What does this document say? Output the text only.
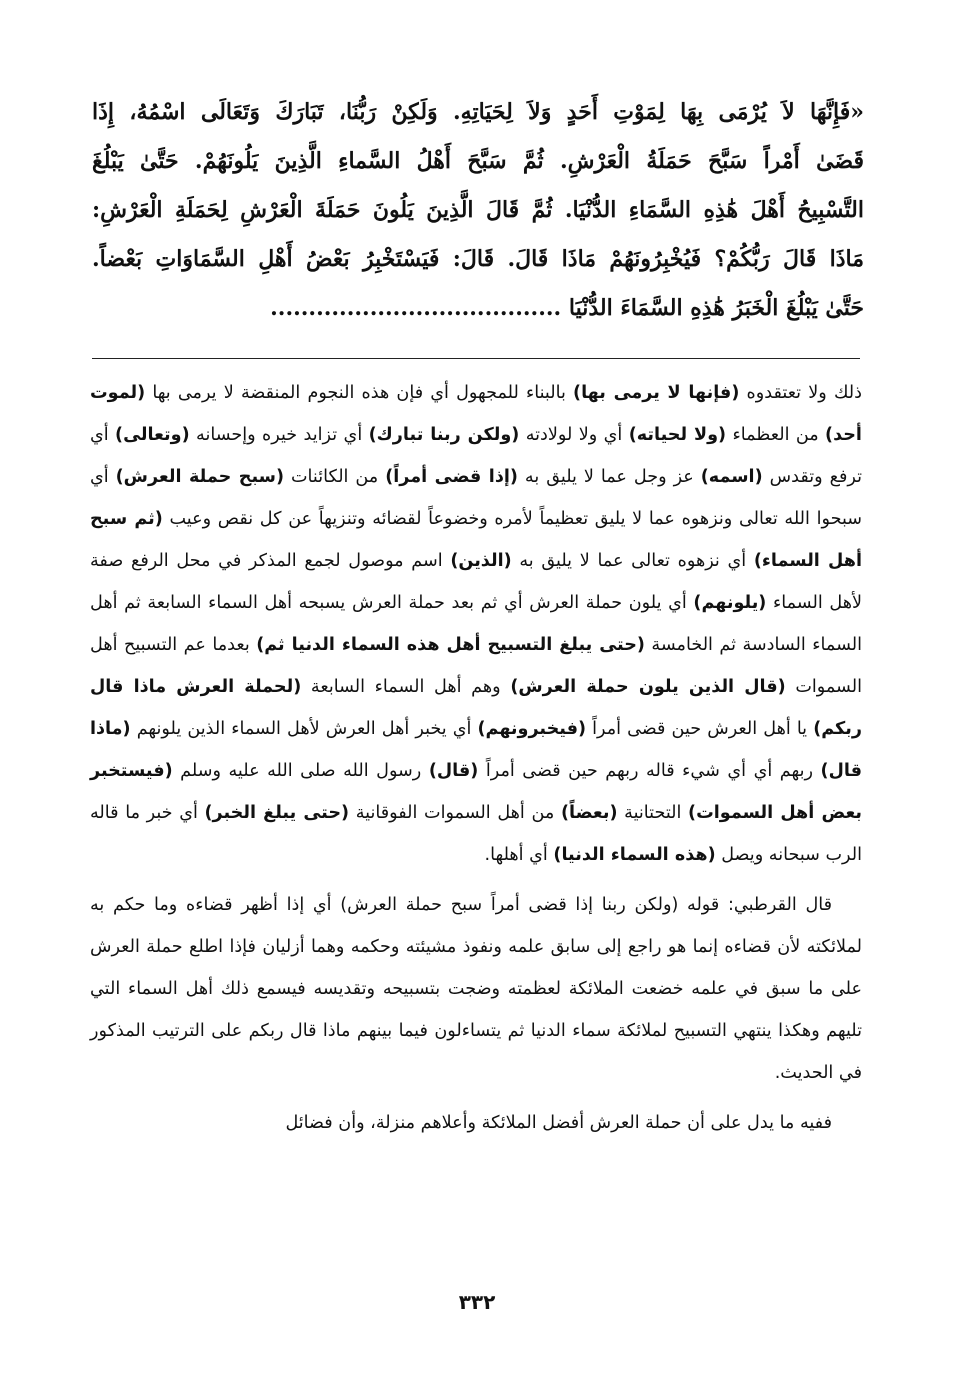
«فَإِنَّهَا لاَ يُرْمَى بِهَا لِمَوْتِ أَحَدٍ وَلاَ لِحَيَاتِهِ. وَلَكِنْ رَبُّنَا، تَبَارَكَ وَتَعَالَى اسْمُهُ، إِذَا
قَضَىٰ أَمْراً سَبَّحَ حَمَلَةُ الْعَرْشِ. ثُمَّ سَبَّحَ أَهْلُ السَّماءِ الَّذِينَ يَلُونَهُمْ. حَتَّىٰ يَبْلُغَ
التَّسْبِيحُ أَهْلَ هَٰذِهِ السَّمَاءِ الدُّنْيَا. ثُمَّ قَالَ الَّذِينَ يَلُونَ حَمَلَةَ الْعَرْشِ لِحَمَلَةِ الْعَرْشِ:
مَاذَا قَالَ رَبُّكُمْ؟ فَيُخْبِرُونَهُمْ مَاذَا قَالَ. قَالَ: فَيَسْتَخْبِرُ بَعْضُ أَهْلِ السَّمَاوَاتِ بَعْضاً.
حَتَّىٰ يَبْلُغَ الْخَبَرُ هَٰذِهِ السَّمَاءَ الدُّنْيَا ......................................

ذلك ولا تعتقدوه (فإنها لا يرمى بها) بالبناء للمجهول أي فإن هذه النجوم المنقضة لا يرمى بها (لموت أحد) من العظماء (ولا لحياته) أي ولا لولادته (ولكن ربنا تبارك) أي تزايد خيره وإحسانه (وتعالى) أي ترفع وتقدس (اسمه) عز وجل عما لا يليق به (إذا قضى أمراً) من الكائنات (سبح حملة العرش) أي سبحوا الله تعالى ونزهوه عما لا يليق تعظيماً لأمره وخضوعاً لقضائه وتنزيهاً عن كل نقص وعيب (ثم سبح أهل السماء) أي نزهوه تعالى عما لا يليق به (الذين) اسم موصول لجمع المذكر في محل الرفع صفة لأهل السماء (يلونهم) أي يلون حملة العرش أي ثم بعد حملة العرش يسبحه أهل السماء السابعة ثم أهل السماء السادسة ثم الخامسة (حتى يبلغ التسبيح أهل هذه السماء الدنيا ثم) بعدما عم التسبيح أهل السموات (قال الذين يلون حملة العرش) وهم أهل السماء السابعة (لحملة العرش ماذا قال ربكم) يا أهل العرش حين قضى أمراً (فيخبرونهم) أي يخبر أهل العرش لأهل السماء الذين يلونهم (ماذا قال) ربهم أي أي شيء قاله ربهم حين قضى أمراً (قال) رسول الله صلى الله عليه وسلم (فيستخبر بعض أهل السموات) التحتانية (بعضاً) من أهل السموات الفوقانية (حتى يبلغ الخبر) أي خبر ما قاله الرب سبحانه ويصل (هذه السماء الدنيا) أي أهلها.

قال القرطبي: قوله (ولكن ربنا إذا قضى أمراً سبح حملة العرش) أي إذا أظهر قضاءه وما حكم به لملائكته لأن قضاءه إنما هو راجع إلى سابق علمه ونفوذ مشيئته وحكمه وهما أزليان فإذا اطلع حملة العرش على ما سبق في علمه خضعت الملائكة لعظمته وضجت بتسبيحه وتقديسه فيسمع ذلك أهل السماء التي تليهم وهكذا ينتهي التسبيح لملائكة سماء الدنيا ثم يتساءلون فيما بينهم ماذا قال ربكم على الترتيب المذكور في الحديث.

ففيه ما يدل على أن حملة العرش أفضل الملائكة وأعلاهم منزلة، وأن فضائل

٣٣٢
